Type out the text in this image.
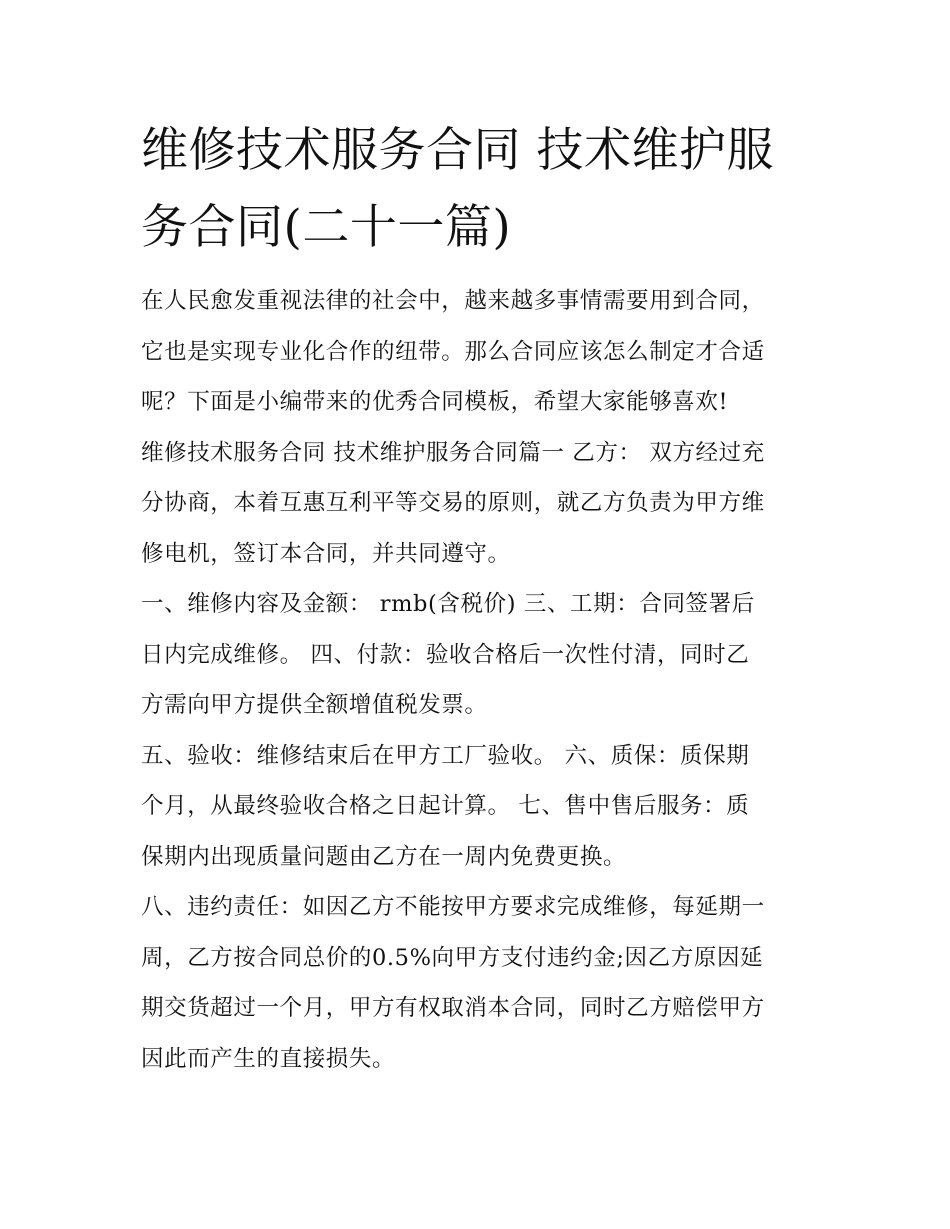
维修技术服务合同 技术维护服
务合同(二十一篇)

在人民愈发重视法律的社会中，越来越多事情需要用到合同，
它也是实现专业化合作的纽带。那么合同应该怎么制定才合适
呢？下面是小编带来的优秀合同模板，希望大家能够喜欢!

维修技术服务合同 技术维护服务合同篇一 乙方： 双方经过充
分协商，本着互惠互利平等交易的原则，就乙方负责为甲方维
修电机，签订本合同，并共同遵守。

一、维修内容及金额： rmb(含税价) 三、工期：合同签署后
日内完成维修。 四、付款：验收合格后一次性付清，同时乙
方需向甲方提供全额增值税发票。

五、验收：维修结束后在甲方工厂验收。 六、质保：质保期
个月，从最终验收合格之日起计算。 七、售中售后服务：质
保期内出现质量问题由乙方在一周内免费更换。

八、违约责任：如因乙方不能按甲方要求完成维修，每延期一
周，乙方按合同总价的0.5%向甲方支付违约金;因乙方原因延
期交货超过一个月，甲方有权取消本合同，同时乙方赔偿甲方
因此而产生的直接损失。
